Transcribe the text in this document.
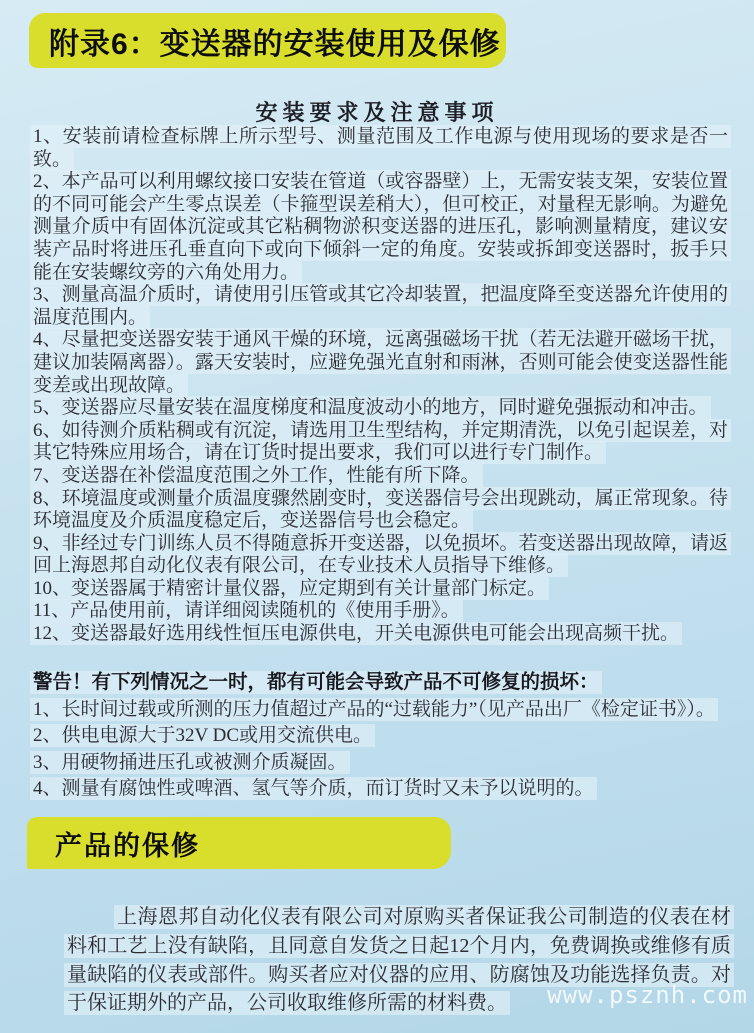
附录6：变送器的安装使用及保修
安装要求及注意事项
1、安装前请检查标牌上所示型号、测量范围及工作电源与使用现场的要求是否一致。
2、本产品可以利用螺纹接口安装在管道（或容器壁）上，无需安装支架，安装位置的不同可能会产生零点误差（卡箍型误差稍大），但可校正，对量程无影响。为避免测量介质中有固体沉淀或其它粘稠物淤积变送器的进压孔，影响测量精度，建议安装产品时将进压孔垂直向下或向下倾斜一定的角度。安装或拆卸变送器时，扳手只能在安装螺纹旁的六角处用力。
3、测量高温介质时，请使用引压管或其它冷却装置，把温度降至变送器允许使用的温度范围内。
4、尽量把变送器安装于通风干燥的环境，远离强磁场干扰（若无法避开磁场干扰，建议加装隔离器）。露天安装时，应避免强光直射和雨淋，否则可能会使变送器性能变差或出现故障。
5、变送器应尽量安装在温度梯度和温度波动小的地方，同时避免强振动和冲击。
6、如待测介质粘稠或有沉淀，请选用卫生型结构，并定期清洗，以免引起误差，对其它特殊应用场合，请在订货时提出要求，我们可以进行专门制作。
7、变送器在补偿温度范围之外工作，性能有所下降。
8、环境温度或测量介质温度骤然剧变时，变送器信号会出现跳动，属正常现象。待环境温度及介质温度稳定后，变送器信号也会稳定。
9、非经过专门训练人员不得随意拆开变送器，以免损坏。若变送器出现故障，请返回上海恩邦自动化仪表有限公司，在专业技术人员指导下维修。
10、变送器属于精密计量仪器，应定期到有关计量部门标定。
11、产品使用前，请详细阅读随机的《使用手册》。
12、变送器最好选用线性恒压电源供电，开关电源供电可能会出现高频干扰。
警告！有下列情况之一时，都有可能会导致产品不可修复的损坏：
1、长时间过载或所测的压力值超过产品的“过载能力”（见产品出厂《检定证书》）。
2、供电电源大于32V DC或用交流供电。
3、用硬物捅进压孔或被测介质凝固。
4、测量有腐蚀性或啤酒、氢气等介质，而订货时又未予以说明的。
产品的保修
上海恩邦自动化仪表有限公司对原购买者保证我公司制造的仪表在材料和工艺上没有缺陷，且同意自发货之日起12个月内，免费调换或维修有质量缺陷的仪表或部件。购买者应对仪器的应用、防腐蚀及功能选择负责。对于保证期外的产品，公司收取维修所需的材料费。	www.psznh.com
